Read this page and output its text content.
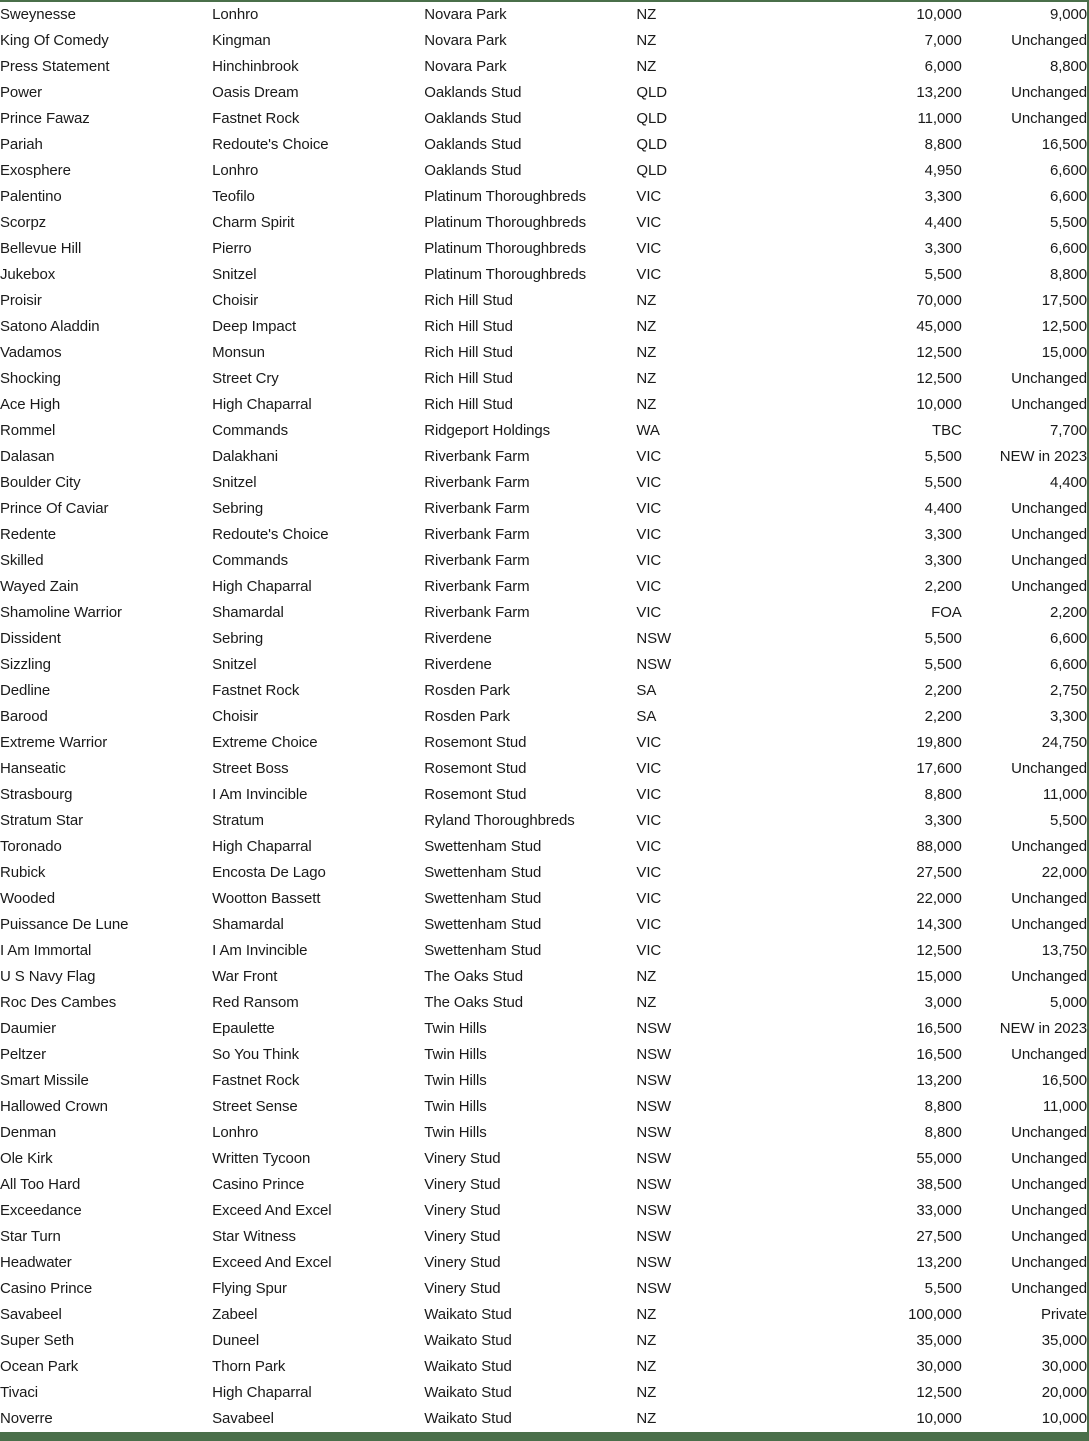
Sweynesse	Lonhro	Novara Park	NZ	10,000	9,000
King Of Comedy	Kingman	Novara Park	NZ	7,000	Unchanged
Press Statement	Hinchinbrook	Novara Park	NZ	6,000	8,800
Power	Oasis Dream	Oaklands Stud	QLD	13,200	Unchanged
Prince Fawaz	Fastnet Rock	Oaklands Stud	QLD	11,000	Unchanged
Pariah	Redoute's Choice	Oaklands Stud	QLD	8,800	16,500
Exosphere	Lonhro	Oaklands Stud	QLD	4,950	6,600
Palentino	Teofilo	Platinum Thoroughbreds	VIC	3,300	6,600
Scorpz	Charm Spirit	Platinum Thoroughbreds	VIC	4,400	5,500
Bellevue Hill	Pierro	Platinum Thoroughbreds	VIC	3,300	6,600
Jukebox	Snitzel	Platinum Thoroughbreds	VIC	5,500	8,800
Proisir	Choisir	Rich Hill Stud	NZ	70,000	17,500
Satono Aladdin	Deep Impact	Rich Hill Stud	NZ	45,000	12,500
Vadamos	Monsun	Rich Hill Stud	NZ	12,500	15,000
Shocking	Street Cry	Rich Hill Stud	NZ	12,500	Unchanged
Ace High	High Chaparral	Rich Hill Stud	NZ	10,000	Unchanged
Rommel	Commands	Ridgeport Holdings	WA	TBC	7,700
Dalasan	Dalakhani	Riverbank Farm	VIC	5,500	NEW in 2023
Boulder City	Snitzel	Riverbank Farm	VIC	5,500	4,400
Prince Of Caviar	Sebring	Riverbank Farm	VIC	4,400	Unchanged
Redente	Redoute's Choice	Riverbank Farm	VIC	3,300	Unchanged
Skilled	Commands	Riverbank Farm	VIC	3,300	Unchanged
Wayed Zain	High Chaparral	Riverbank Farm	VIC	2,200	Unchanged
Shamoline Warrior	Shamardal	Riverbank Farm	VIC	FOA	2,200
Dissident	Sebring	Riverdene	NSW	5,500	6,600
Sizzling	Snitzel	Riverdene	NSW	5,500	6,600
Dedline	Fastnet Rock	Rosden Park	SA	2,200	2,750
Barood	Choisir	Rosden Park	SA	2,200	3,300
Extreme Warrior	Extreme Choice	Rosemont Stud	VIC	19,800	24,750
Hanseatic	Street Boss	Rosemont Stud	VIC	17,600	Unchanged
Strasbourg	I Am Invincible	Rosemont Stud	VIC	8,800	11,000
Stratum Star	Stratum	Ryland Thoroughbreds	VIC	3,300	5,500
Toronado	High Chaparral	Swettenham Stud	VIC	88,000	Unchanged
Rubick	Encosta De Lago	Swettenham Stud	VIC	27,500	22,000
Wooded	Wootton Bassett	Swettenham Stud	VIC	22,000	Unchanged
Puissance De Lune	Shamardal	Swettenham Stud	VIC	14,300	Unchanged
I Am Immortal	I Am Invincible	Swettenham Stud	VIC	12,500	13,750
U S Navy Flag	War Front	The Oaks Stud	NZ	15,000	Unchanged
Roc Des Cambes	Red Ransom	The Oaks Stud	NZ	3,000	5,000
Daumier	Epaulette	Twin Hills	NSW	16,500	NEW in 2023
Peltzer	So You Think	Twin Hills	NSW	16,500	Unchanged
Smart Missile	Fastnet Rock	Twin Hills	NSW	13,200	16,500
Hallowed Crown	Street Sense	Twin Hills	NSW	8,800	11,000
Denman	Lonhro	Twin Hills	NSW	8,800	Unchanged
Ole Kirk	Written Tycoon	Vinery Stud	NSW	55,000	Unchanged
All Too Hard	Casino Prince	Vinery Stud	NSW	38,500	Unchanged
Exceedance	Exceed And Excel	Vinery Stud	NSW	33,000	Unchanged
Star Turn	Star Witness	Vinery Stud	NSW	27,500	Unchanged
Headwater	Exceed And Excel	Vinery Stud	NSW	13,200	Unchanged
Casino Prince	Flying Spur	Vinery Stud	NSW	5,500	Unchanged
Savabeel	Zabeel	Waikato Stud	NZ	100,000	Private
Super Seth	Duneel	Waikato Stud	NZ	35,000	35,000
Ocean Park	Thorn Park	Waikato Stud	NZ	30,000	30,000
Tivaci	High Chaparral	Waikato Stud	NZ	12,500	20,000
Noverre	Savabeel	Waikato Stud	NZ	10,000	10,000
